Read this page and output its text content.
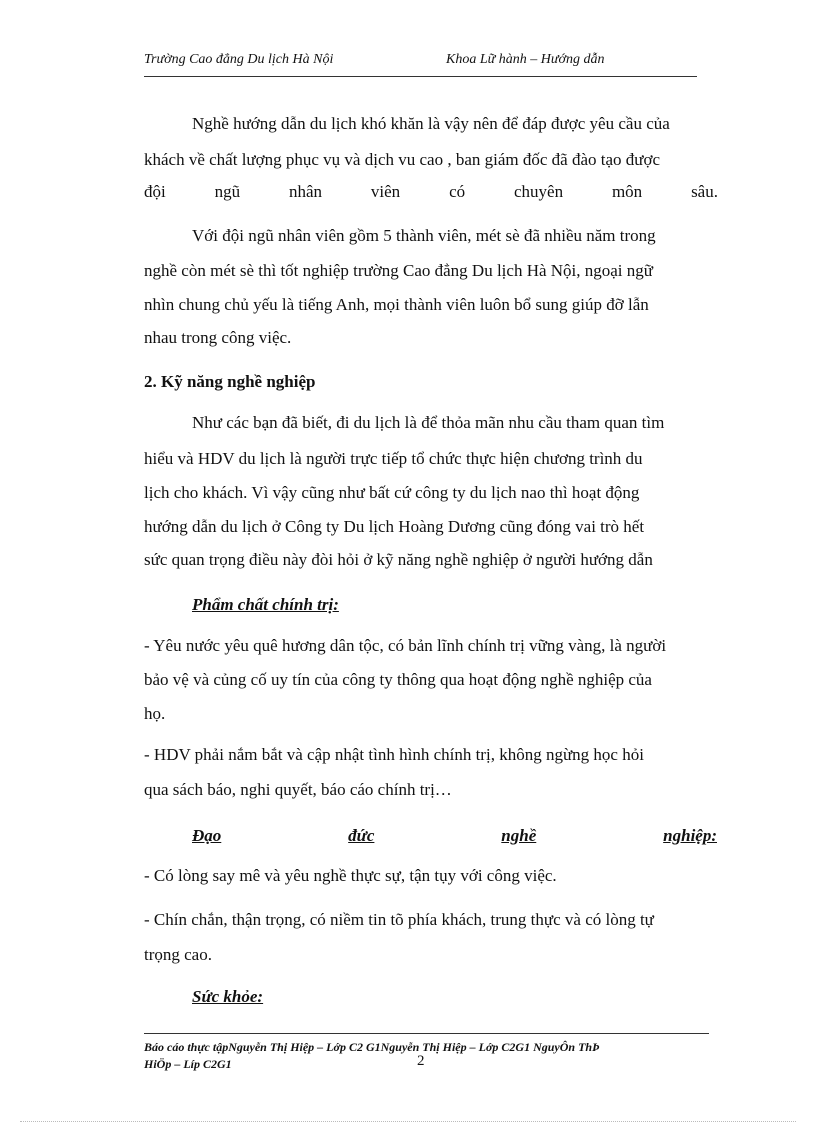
Trường Cao đẳng Du lịch Hà Nội	Khoa Lữ hành – Hướng dẫn
Nghề hướng dẫn du lịch khó khăn là vậy nên để đáp được yêu cầu của
khách về chất lượng phục vụ và dịch vu cao , ban giám đốc đã đào tạo được
đội	ngũ	nhân	viên	có	chuyên	môn	sâu.
Với đội ngũ nhân viên gồm 5 thành viên, mét sè đã nhiều năm trong
nghề còn mét sè thì tốt nghiệp trường Cao đẳng Du lịch Hà Nội, ngoại ngữ
nhìn chung chủ yếu là tiếng Anh, mọi thành viên luôn bổ sung giúp đỡ lẫn
nhau trong công việc.
2. Kỹ năng nghề nghiệp
Như các bạn đã biết, đi du lịch là để thỏa mãn nhu cầu tham quan tìm
hiểu và HDV du lịch là người trực tiếp tổ chức thực hiện chương trình du
lịch cho khách. Vì vậy cũng như bất cứ công ty du lịch nao thì hoạt động
hướng dẫn du lịch ở Công ty Du lịch Hoàng Dương cũng đóng vai trò hết
sức quan trọng điều này đòi hỏi ở kỹ năng nghề nghiệp ở người hướng dẫn
Phẩm chất chính trị:
- Yêu nước yêu quê hương dân tộc, có bản lĩnh chính trị vững vàng, là người
bảo vệ và củng cố uy tín của công ty thông qua hoạt động nghề nghiệp của
họ.
- HDV phải nắm bắt và cập nhật tình hình chính trị, không ngừng học hỏi
qua sách báo, nghi quyết, báo cáo chính trị…
Đạo	đức	nghề	nghiệp:
- Có lòng say mê và yêu nghề thực sự, tận tụy với công việc.
- Chín chắn, thận trọng, có niềm tin tõ phía khách, trung thực và có lòng tự
trọng cao.
Sức khỏe:
Báo cáo thực tậpNguyễn Thị Hiệp – Lớp C2 G1Nguyễn Thị Hiệp – Lớp C2G1 NguyÔn ThÞ
HiÖp – Líp C2G1	2
